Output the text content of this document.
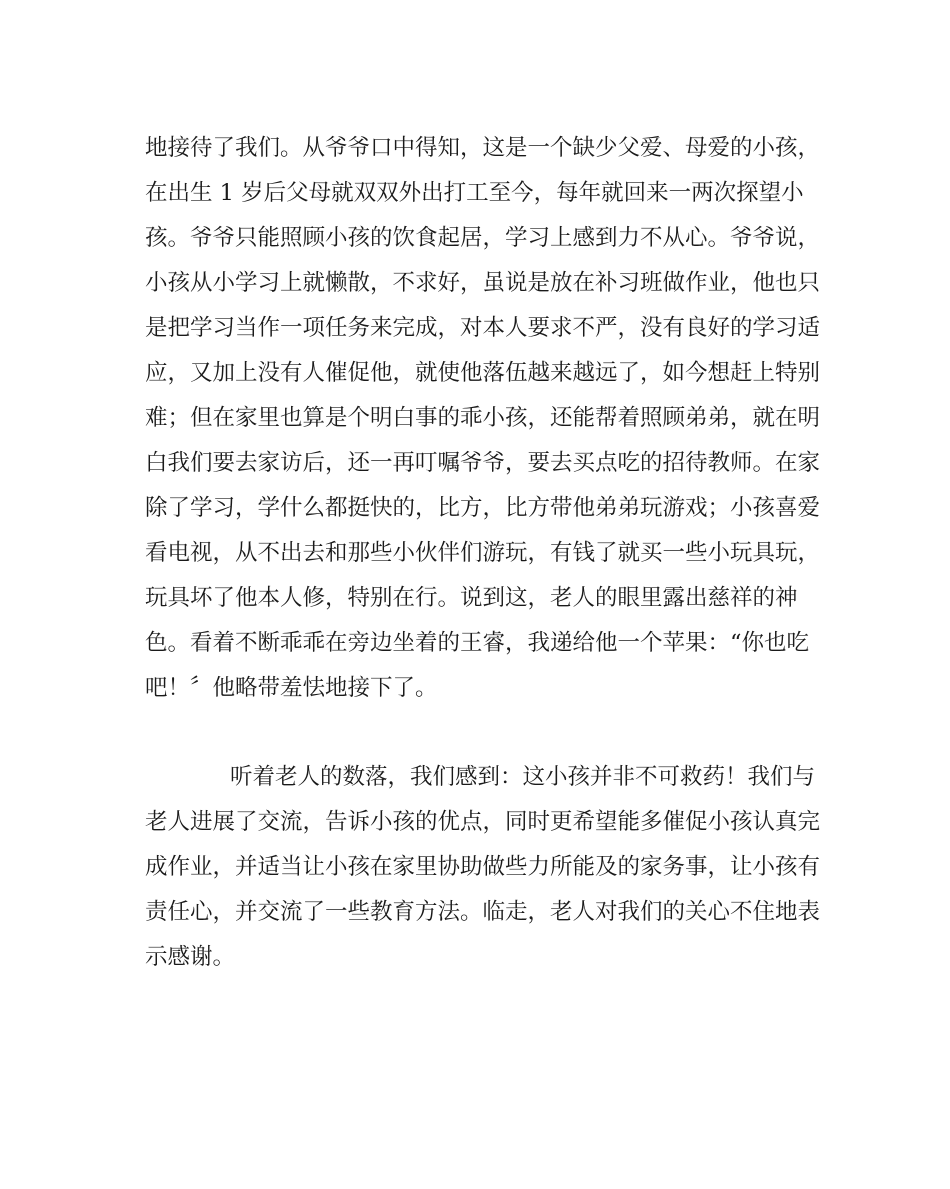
地接待了我们。从爷爷口中得知，这是一个缺少父爱、母爱的小孩，
在出生 1 岁后父母就双双外出打工至今，每年就回来一两次探望小
孩。爷爷只能照顾小孩的饮食起居，学习上感到力不从心。爷爷说，
小孩从小学习上就懒散，不求好，虽说是放在补习班做作业，他也只
是把学习当作一项任务来完成，对本人要求不严，没有良好的学习适
应，又加上没有人催促他，就使他落伍越来越远了，如今想赶上特别
难；但在家里也算是个明白事的乖小孩，还能帮着照顾弟弟，就在明
白我们要去家访后，还一再叮嘱爷爷，要去买点吃的招待教师。在家
除了学习，学什么都挺快的，比方，比方带他弟弟玩游戏；小孩喜爱
看电视，从不出去和那些小伙伴们游玩，有钱了就买一些小玩具玩，
玩具坏了他本人修，特别在行。说到这，老人的眼里露出慈祥的神
色。看着不断乖乖在旁边坐着的王睿，我递给他一个苹果：“你也吃
吧！〞他略带羞怯地接下了。
听着老人的数落，我们感到：这小孩并非不可救药！我们与
老人进展了交流，告诉小孩的优点，同时更希望能多催促小孩认真完
成作业，并适当让小孩在家里协助做些力所能及的家务事，让小孩有
责任心，并交流了一些教育方法。临走，老人对我们的关心不住地表
示感谢。
